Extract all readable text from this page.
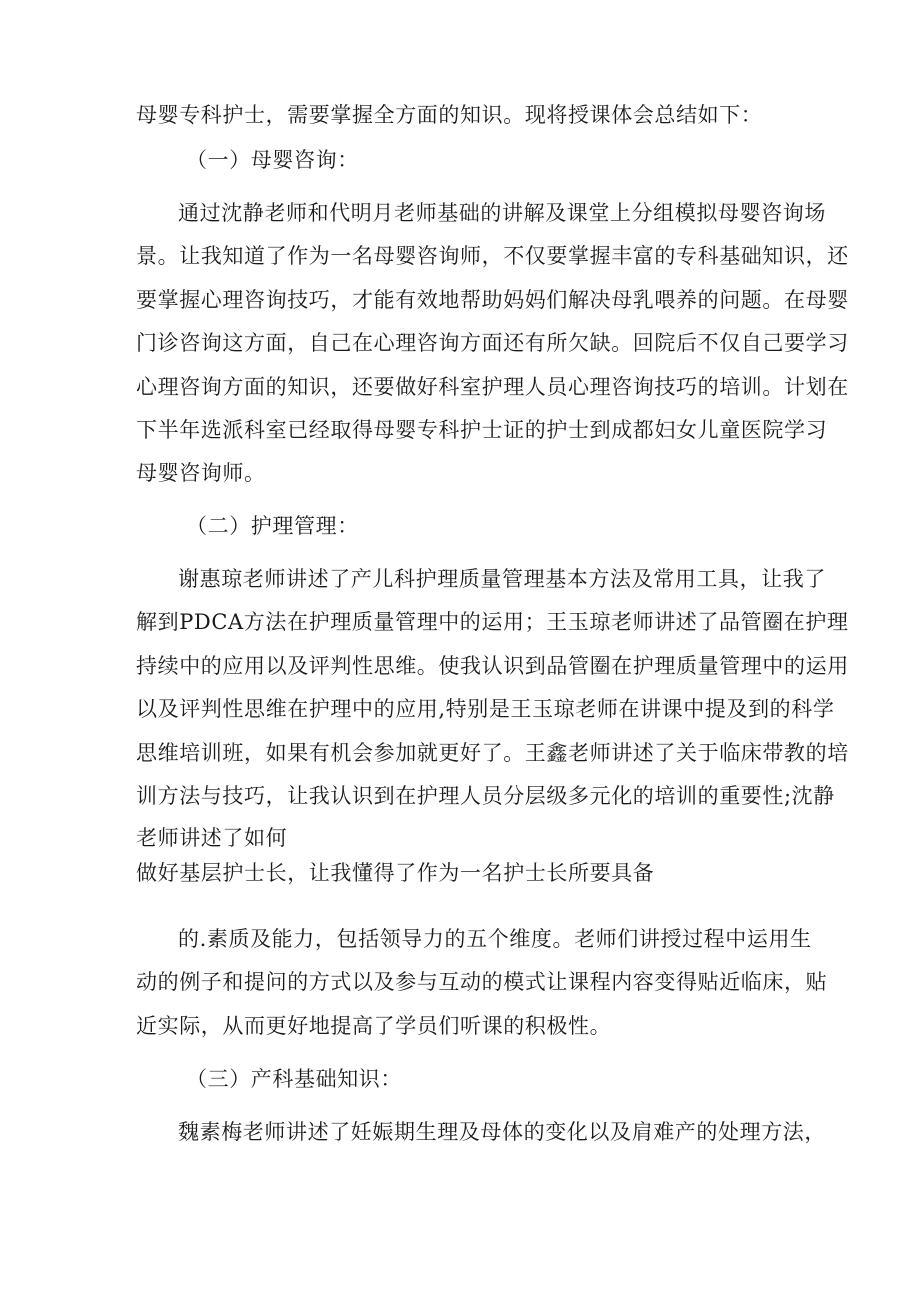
母婴专科护士，需要掌握全方面的知识。现将授课体会总结如下：
（一）母婴咨询：
通过沈静老师和代明月老师基础的讲解及课堂上分组模拟母婴咨询场
景。让我知道了作为一名母婴咨询师，不仅要掌握丰富的专科基础知识，还
要掌握心理咨询技巧，才能有效地帮助妈妈们解决母乳喂养的问题。在母婴
门诊咨询这方面，自己在心理咨询方面还有所欠缺。回院后不仅自己要学习
心理咨询方面的知识，还要做好科室护理人员心理咨询技巧的培训。计划在
下半年选派科室已经取得母婴专科护士证的护士到成都妇女儿童医院学习
母婴咨询师。
（二）护理管理：
谢惠琼老师讲述了产儿科护理质量管理基本方法及常用工具，让我了
解到PDCA方法在护理质量管理中的运用；王玉琼老师讲述了品管圈在护理
持续中的应用以及评判性思维。使我认识到品管圈在护理质量管理中的运用
以及评判性思维在护理中的应用,特别是王玉琼老师在讲课中提及到的科学
思维培训班，如果有机会参加就更好了。王鑫老师讲述了关于临床带教的培
训方法与技巧，让我认识到在护理人员分层级多元化的培训的重要性;沈静
老师讲述了如何
做好基层护士长，让我懂得了作为一名护士长所要具备
的.素质及能力，包括领导力的五个维度。老师们讲授过程中运用生
动的例子和提问的方式以及参与互动的模式让课程内容变得贴近临床，贴
近实际，从而更好地提高了学员们听课的积极性。
（三）产科基础知识：
魏素梅老师讲述了妊娠期生理及母体的变化以及肩难产的处理方法，
